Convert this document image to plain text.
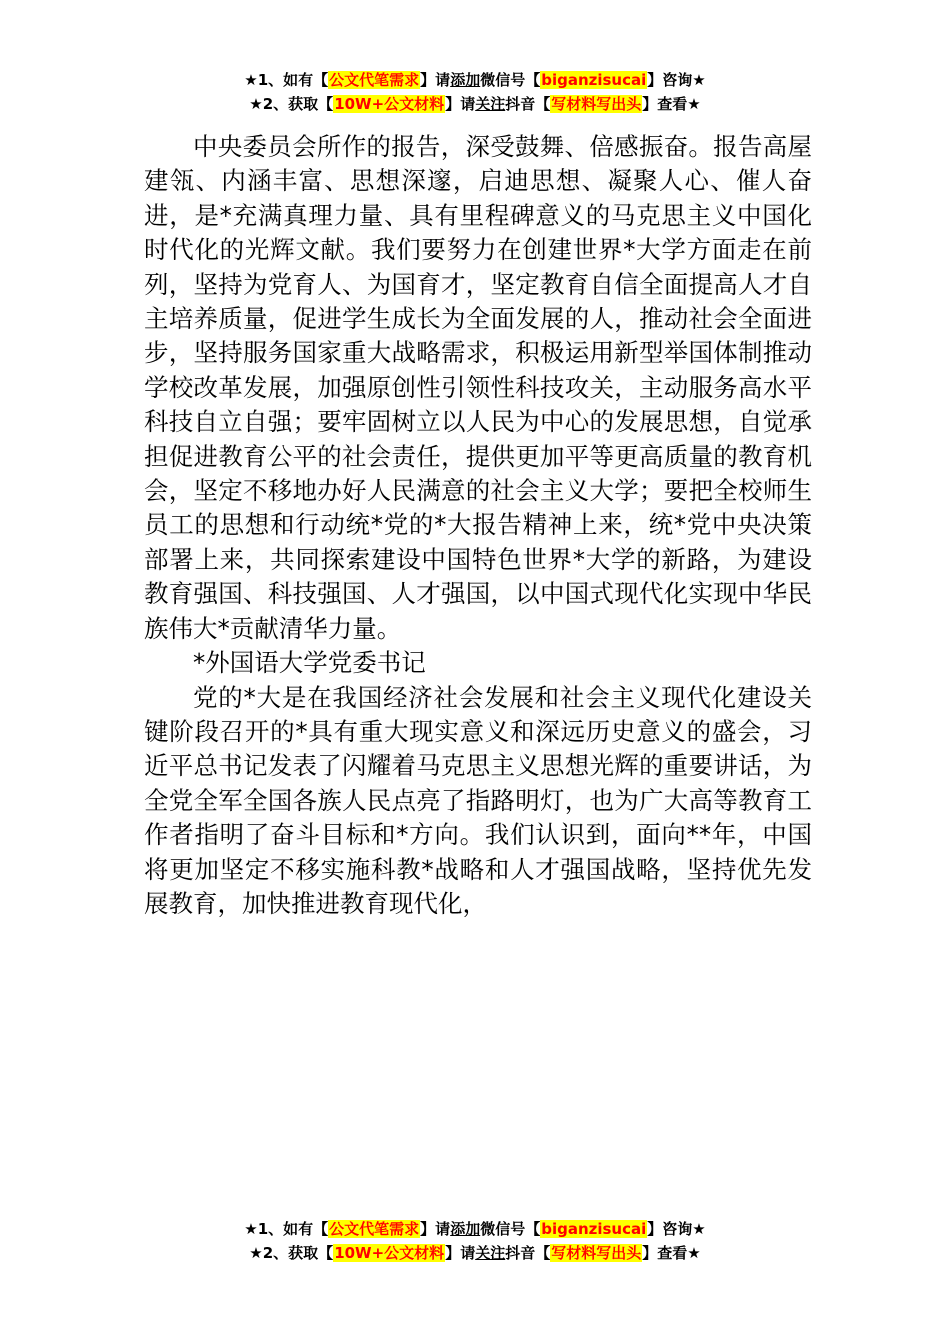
★1、如有【公文代笔需求】请添加微信号【biganzisucai】咨询★
★2、获取【10W+公文材料】请关注抖音【写材料写出头】查看★

中央委员会所作的报告，深受鼓舞、倍感振奋。报告高屋建瓴、内涵丰富、思想深邃，启迪思想、凝聚人心、催人奋进，是*充满真理力量、具有里程碑意义的马克思主义中国化时代化的光辉文献。我们要努力在创建世界*大学方面走在前列，坚持为党育人、为国育才，坚定教育自信全面提高人才自主培养质量，促进学生成长为全面发展的人，推动社会全面进步，坚持服务国家重大战略需求，积极运用新型举国体制推动学校改革发展，加强原创性引领性科技攻关，主动服务高水平科技自立自强；要牢固树立以人民为中心的发展思想，自觉承担促进教育公平的社会责任，提供更加平等更高质量的教育机会，坚定不移地办好人民满意的社会主义大学；要把全校师生员工的思想和行动统*党的*大报告精神上来，统*党中央决策部署上来，共同探索建设中国特色世界*大学的新路，为建设教育强国、科技强国、人才强国，以中国式现代化实现中华民族伟大*贡献清华力量。

*外国语大学党委书记

党的*大是在我国经济社会发展和社会主义现代化建设关键阶段召开的*具有重大现实意义和深远历史意义的盛会，习近平总书记发表了闪耀着马克思主义思想光辉的重要讲话，为全党全军全国各族人民点亮了指路明灯，也为广大高等教育工作者指明了奋斗目标和*方向。我们认识到，面向**年，中国将更加坚定不移实施科教*战略和人才强国战略，坚持优先发展教育，加快推进教育现代化，

★1、如有【公文代笔需求】请添加微信号【biganzisucai】咨询★
★2、获取【10W+公文材料】请关注抖音【写材料写出头】查看★
